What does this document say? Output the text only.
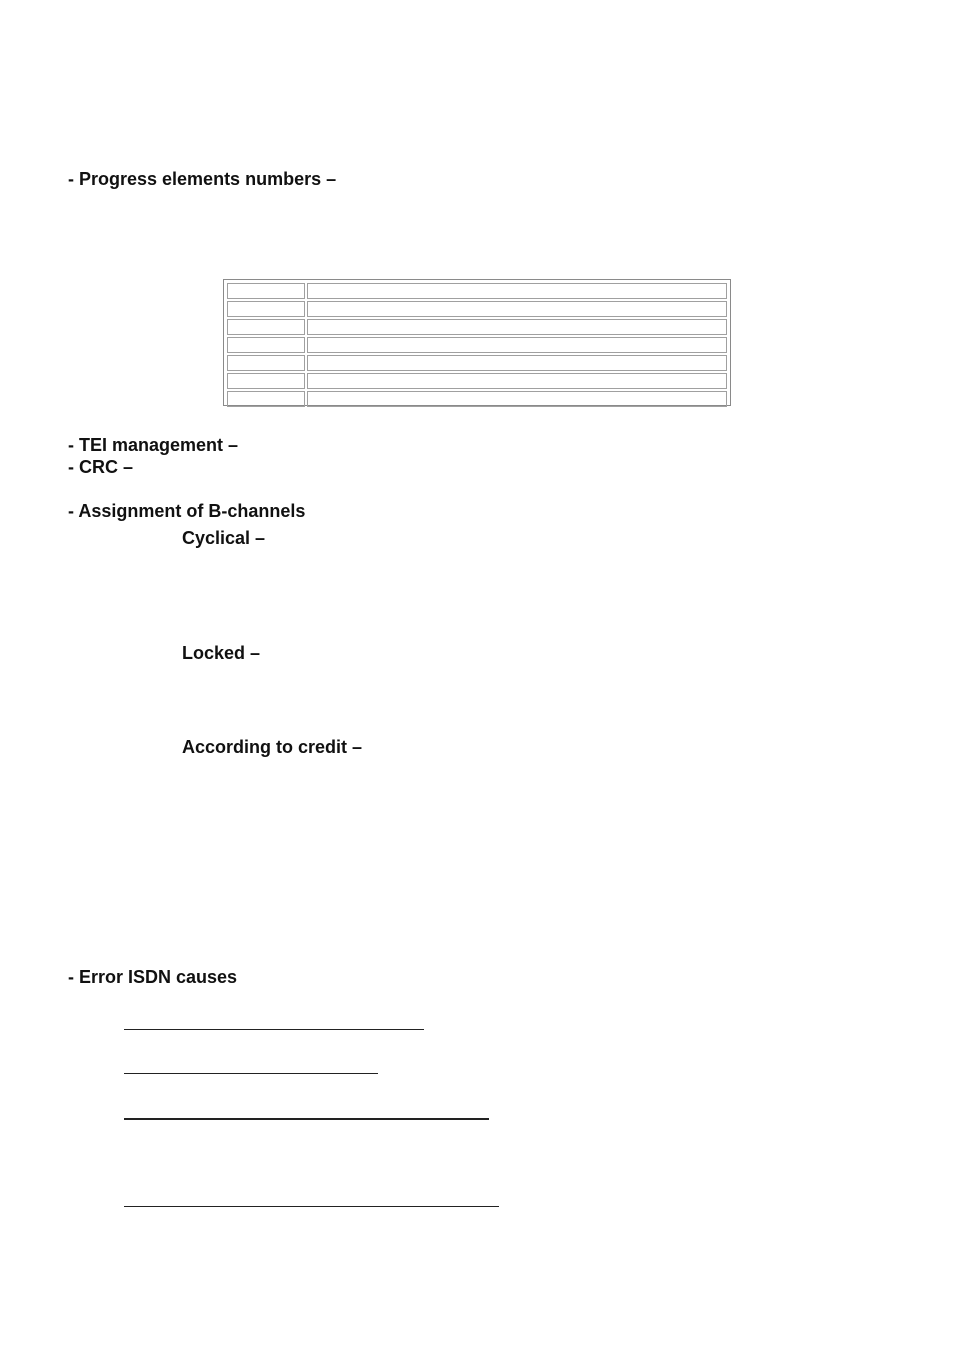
- Progress elements numbers –

- TEI management –
- CRC –
- Assignment of B-channels
Cyclical –
Locked –
According to credit –
- Error ISDN causes
